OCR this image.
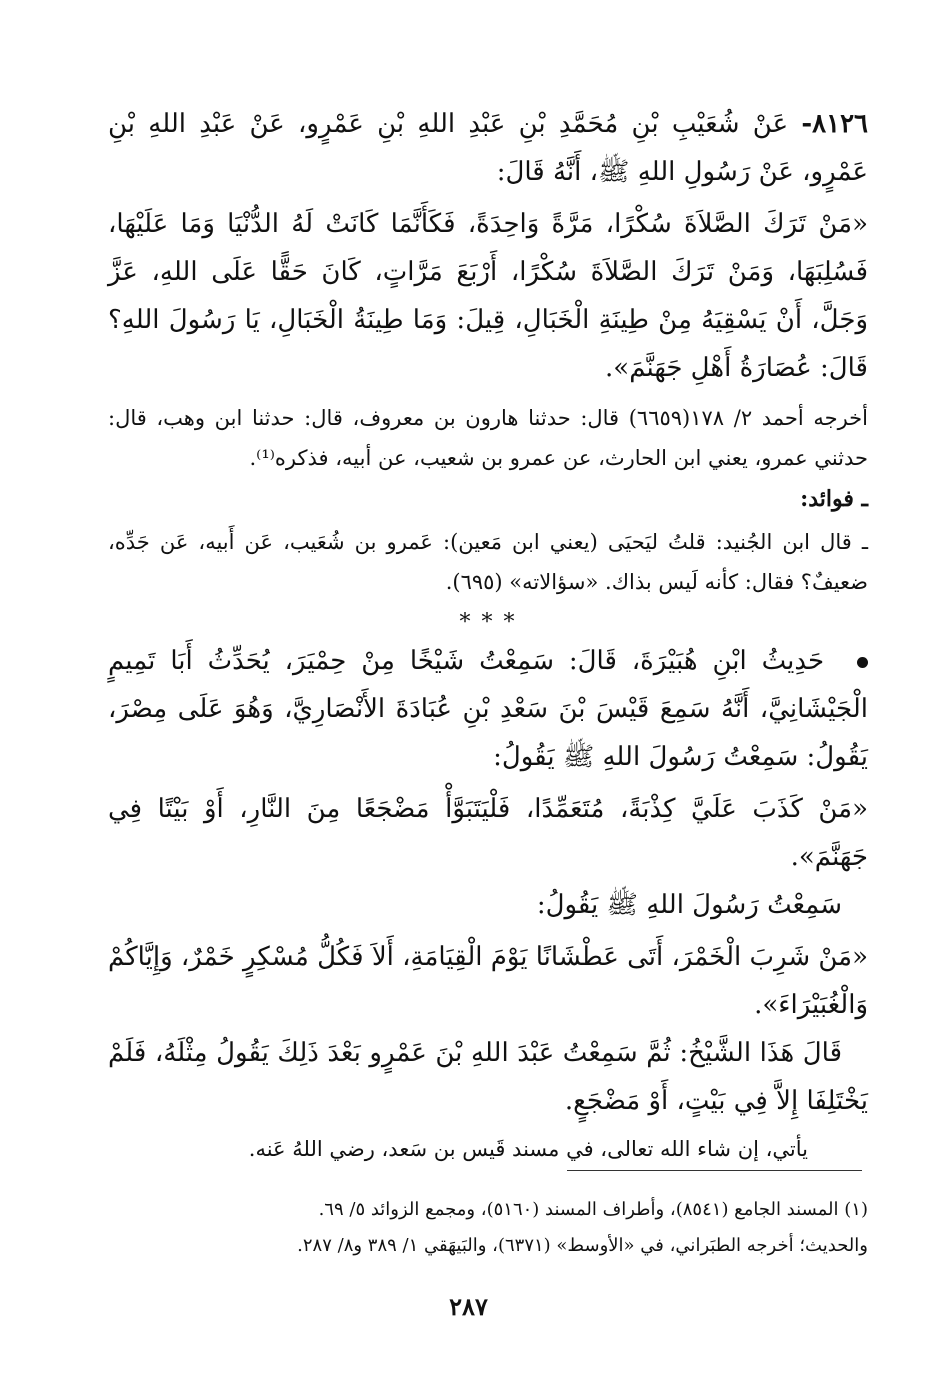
٨١٢٦- عَنْ شُعَيْبِ بْنِ مُحَمَّدِ بْنِ عَبْدِ اللهِ بْنِ عَمْرٍو، عَنْ عَبْدِ اللهِ بْنِ عَمْرٍو، عَنْ رَسُولِ اللهِ ﷺ، أَنَّهُ قَالَ:

«مَنْ تَرَكَ الصَّلاَةَ سُكْرًا، مَرَّةً وَاحِدَةً، فَكَأَنَّمَا كَانَتْ لَهُ الدُّنْيَا وَمَا عَلَيْهَا، فَسُلِبَهَا، وَمَنْ تَرَكَ الصَّلاَةَ سُكْرًا، أَرْبَعَ مَرَّاتٍ، كَانَ حَقًّا عَلَى اللهِ، عَزَّ وَجَلَّ، أَنْ يَسْقِيَهُ مِنْ طِينَةِ الْخَبَالِ، قِيلَ: وَمَا طِينَةُ الْخَبَالِ، يَا رَسُولَ اللهِ؟ قَالَ: عُصَارَةُ أَهْلِ جَهَنَّمَ».

أخرجه أحمد ٢/ ١٧٨(٦٦٥٩) قال: حدثنا هارون بن معروف، قال: حدثنا ابن وهب، قال: حدثني عمرو، يعني ابن الحارث، عن عمرو بن شعيب، عن أبيه، فذكره⁽¹⁾.

ـ فوائد:

ـ قال ابن الجُنيد: قلتُ ليَحيَى (يعني ابن مَعين): عَمرو بن شُعَيب، عَن أَبيه، عَن جَدِّه، ضعيفٌ؟ فقال: كأنه لَيس بذاك. «سؤالاته» (٦٩٥).

* * *

حَدِيثُ ابْنِ هُبَيْرَةَ، قَالَ: سَمِعْتُ شَيْخًا مِنْ حِمْيَرَ، يُحَدِّثُ أَبَا تَمِيمٍ الْجَيْشَانِيَّ، أَنَّهُ سَمِعَ قَيْسَ بْنَ سَعْدِ بْنِ عُبَادَةَ الأَنْصَارِيَّ، وَهُوَ عَلَى مِصْرَ، يَقُولُ: سَمِعْتُ رَسُولَ اللهِ ﷺ يَقُولُ:

«مَنْ كَذَبَ عَلَيَّ كِذْبَةً، مُتَعَمِّدًا، فَلْيَتَبَوَّأْ مَضْجَعًا مِنَ النَّارِ، أَوْ بَيْتًا فِي جَهَنَّمَ».

سَمِعْتُ رَسُولَ اللهِ ﷺ يَقُولُ:

«مَنْ شَرِبَ الْخَمْرَ، أَتَى عَطْشَانًا يَوْمَ الْقِيَامَةِ، أَلاَ فَكُلُّ مُسْكِرٍ خَمْرٌ، وَإِيَّاكُمْ وَالْغُبَيْرَاءَ».

قَالَ هَذَا الشَّيْخُ: ثُمَّ سَمِعْتُ عَبْدَ اللهِ بْنَ عَمْرٍو بَعْدَ ذَلِكَ يَقُولُ مِثْلَهُ، فَلَمْ يَخْتَلِفَا إِلاَّ فِي بَيْتٍ، أَوْ مَضْجَعٍ.

يأتي، إن شاء الله تعالى، في مسند قَيس بن سَعد، رضي اللهُ عَنه.

(١) المسند الجامع (٨٥٤١)، وأطراف المسند (٥١٦٠)، ومجمع الزوائد ٥/ ٦٩.
والحديث؛ أخرجه الطبَراني، في «الأوسط» (٦٣٧١)، والبَيهَقي ١/ ٣٨٩ و٨/ ٢٨٧.
٢٨٧
